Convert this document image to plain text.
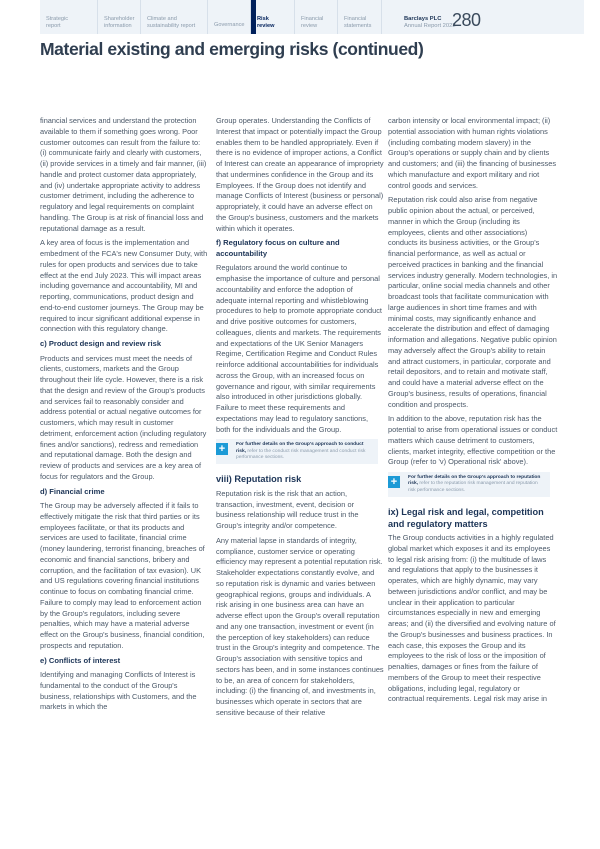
Strategic
report
Shareholder
information
Climate and
sustainability report	Governance
Risk
review
Financial
review
Financial
statements
Barclays PLC
Annual Report 2022
280
Material existing and emerging risks (continued)

financial services and understand the protection available to them if something goes wrong. Poor customer outcomes can result from the failure to: (i) communicate fairly and clearly with customers, (ii) provide services in a timely and fair manner, (iii) handle and protect customer data appropriately, and (iv) undertake appropriate activity to address customer detriment, including the adherence to regulatory and legal requirements on complaint handling. The Group is at risk of financial loss and reputational damage as a result.

A key area of focus is the implementation and embedment of the FCA's new Consumer Duty, with rules for open products and services due to take effect at the end July 2023. This will impact areas including governance and accountability, MI and reporting, communications, product design and end-to-end customer journeys. The Group may be required to incur significant additional expense in connection with this regulatory change.

c) Product design and review risk

Products and services must meet the needs of clients, customers, markets and the Group throughout their life cycle. However, there is a risk that the design and review of the Group's products and services fail to reasonably consider and address potential or actual negative outcomes for customers, which may result in customer detriment, enforcement action (including regulatory fines and/or sanctions), redress and remediation and reputational damage. Both the design and review of products and services are a key area of focus for regulators and the Group.

d) Financial crime

The Group may be adversely affected if it fails to effectively mitigate the risk that third parties or its employees facilitate, or that its products and services are used to facilitate, financial crime (money laundering, terrorist financing, breaches of economic and financial sanctions, bribery and corruption, and the facilitation of tax evasion). UK and US regulations covering financial institutions continue to focus on combating financial crime. Failure to comply may lead to enforcement action by the Group's regulators, including severe penalties, which may have a material adverse effect on the Group's business, financial condition, prospects and reputation.

e) Conflicts of interest

Identifying and managing Conflicts of Interest is fundamental to the conduct of the Group's business, relationships with Customers, and the markets in which the

Group operates. Understanding the Conflicts of Interest that impact or potentially impact the Group enables them to be handled appropriately. Even if there is no evidence of improper actions, a Conflict of Interest can create an appearance of impropriety that undermines confidence in the Group and its Employees. If the Group does not identify and manage Conflicts of Interest (business or personal) appropriately, it could have an adverse effect on the Group's business, customers and the markets within which it operates.

f) Regulatory focus on culture and accountability

Regulators around the world continue to emphasise the importance of culture and personal accountability and enforce the adoption of adequate internal reporting and whistleblowing procedures to help to promote appropriate conduct and drive positive outcomes for customers, colleagues, clients and markets. The requirements and expectations of the UK Senior Managers Regime, Certification Regime and Conduct Rules reinforce additional accountabilities for individuals across the Group, with an increased focus on governance and rigour, with similar requirements also introduced in other jurisdictions globally. Failure to meet these requirements and expectations may lead to regulatory sanctions, both for the individuals and the Group.

+	For further details on the Group's approach to conduct risk, refer to the conduct risk management and conduct risk performance sections.
viii) Reputation risk

Reputation risk is the risk that an action, transaction, investment, event, decision or business relationship will reduce trust in the Group's integrity and/or competence.

Any material lapse in standards of integrity, compliance, customer service or operating efficiency may represent a potential reputation risk. Stakeholder expectations constantly evolve, and so reputation risk is dynamic and varies between geographical regions, groups and individuals. A risk arising in one business area can have an adverse effect upon the Group's overall reputation and any one transaction, investment or event (in the perception of key stakeholders) can reduce trust in the Group's integrity and competence. The Group's association with sensitive topics and sectors has been, and in some instances continues to be, an area of concern for stakeholders, including: (i) the financing of, and investments in, businesses which operate in sectors that are sensitive because of their relative

carbon intensity or local environmental impact; (ii) potential association with human rights violations (including combating modern slavery) in the Group's operations or supply chain and by clients and customers; and (iii) the financing of businesses which manufacture and export military and riot control goods and services.

Reputation risk could also arise from negative public opinion about the actual, or perceived, manner in which the Group (including its employees, clients and other associations) conducts its business activities, or the Group's financial performance, as well as actual or perceived practices in banking and the financial services industry generally. Modern technologies, in particular, online social media channels and other broadcast tools that facilitate communication with large audiences in short time frames and with minimal costs, may significantly enhance and accelerate the distribution and effect of damaging information and allegations. Negative public opinion may adversely affect the Group's ability to retain and attract customers, in particular, corporate and retail depositors, and to retain and motivate staff, and could have a material adverse effect on the Group's business, results of operations, financial condition and prospects.

In addition to the above, reputation risk has the potential to arise from operational issues or conduct matters which cause detriment to customers, clients, market integrity, effective competition or the Group (refer to 'v) Operational risk' above).

+	For further details on the Group's approach to reputation risk, refer to the reputation risk management and reputation risk performance sections.
ix) Legal risk and legal, competition and regulatory matters

The Group conducts activities in a highly regulated global market which exposes it and its employees to legal risk arising from: (i) the multitude of laws and regulations that apply to the businesses it operates, which are highly dynamic, may vary between jurisdictions and/or conflict, and may be unclear in their application to particular circumstances especially in new and emerging areas; and (ii) the diversified and evolving nature of the Group's businesses and business practices. In each case, this exposes the Group and its employees to the risk of loss or the imposition of penalties, damages or fines from the failure of members of the Group to meet their respective obligations, including legal, regulatory or contractual requirements. Legal risk may arise in
